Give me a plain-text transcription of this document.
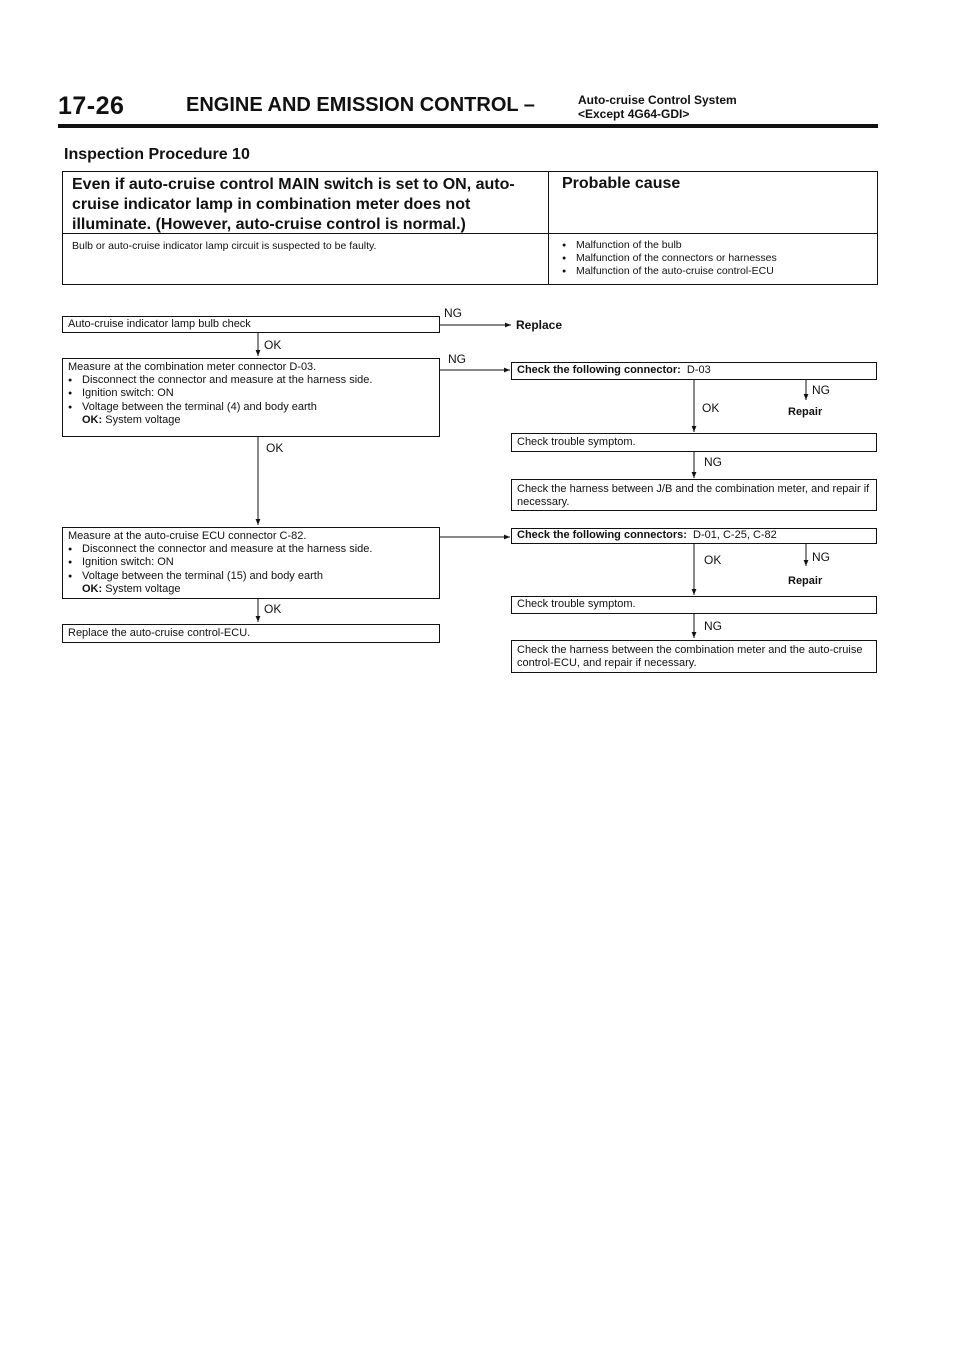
17-26	ENGINE AND EMISSION CONTROL –	Auto-cruise Control System
<Except 4G64-GDI>
Inspection Procedure 10
Even if auto-cruise control MAIN switch is set to ON, auto-cruise indicator lamp in combination meter does not illuminate. (However, auto-cruise control is normal.)
Probable cause
Bulb or auto-cruise indicator lamp circuit is suspected to be faulty.
●	Malfunction of the bulb
● Malfunction of the connectors or harnesses
● Malfunction of the auto-cruise control-ECU
Auto-cruise indicator lamp bulb check
NG
Replace
OK
Measure at the combination meter connector D-03.
● Disconnect the connector and measure at the harness side.
● Ignition switch: ON
● Voltage between the terminal (4) and body earth
OK: System voltage
NG
OK
Check the following connector: D-03
NG
OK	Repair
Check trouble symptom.
NG
Check the harness between J/B and the combination meter, and repair if necessary.
Measure at the auto-cruise ECU connector C-82.
● Disconnect the connector and measure at the harness side.
● Ignition switch: ON
● Voltage between the terminal (15) and body earth
OK: System voltage
OK
Check the following connectors: D-01, C-25, C-82
OK	NG
Repair
Check trouble symptom.
NG
Replace the auto-cruise control-ECU.
Check the harness between the combination meter and the auto-cruise control-ECU, and repair if necessary.
